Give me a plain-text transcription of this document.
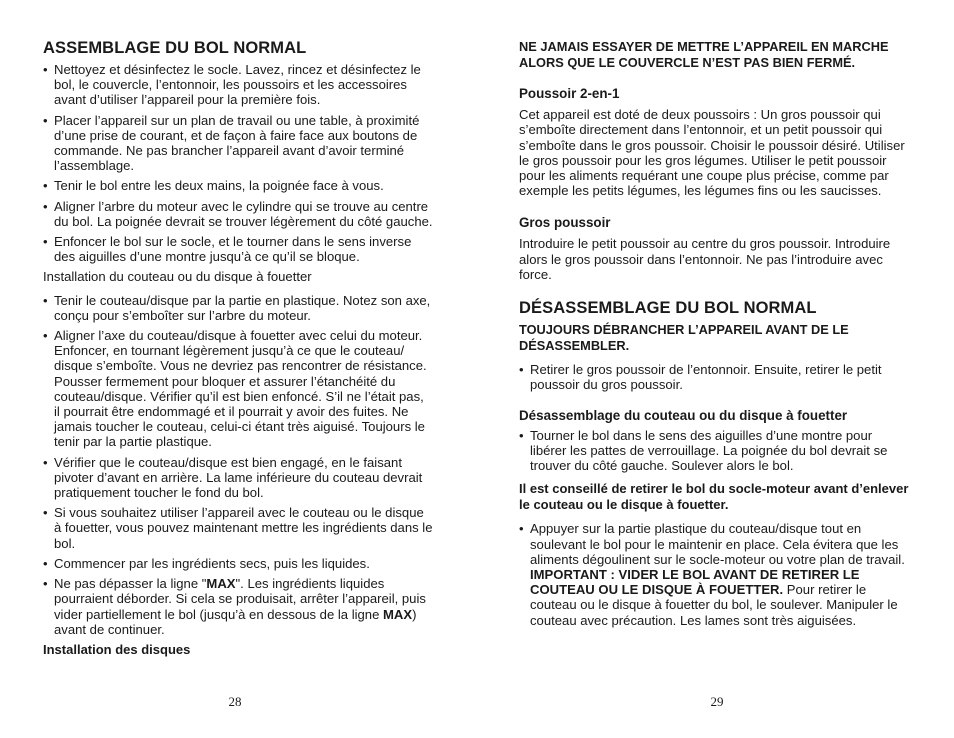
ASSEMBLAGE DU BOL NORMAL
• Nettoyez et désinfectez le socle. Lavez, rincez et désinfectez le bol, le couvercle, l’entonnoir, les poussoirs et les accessoires avant d’utiliser l’appareil pour la première fois.
• Placer l’appareil sur un plan de travail ou une table, à proximité d’une prise de courant, et de façon à faire face aux boutons de commande. Ne pas brancher l’appareil avant d’avoir terminé l’assemblage.
• Tenir le bol entre les deux mains, la poignée face à vous.
• Aligner l’arbre du moteur avec le cylindre qui se trouve au centre du bol. La poignée devrait se trouver légèrement du côté gauche.
• Enfoncer le bol sur le socle, et le tourner dans le sens inverse des aiguilles d’une montre jusqu’à ce qu’il se bloque.
Installation du couteau ou du disque à fouetter
• Tenir le couteau/disque par la partie en plastique. Notez son axe, conçu pour s’emboîter sur l’arbre du moteur.
• Aligner l’axe du couteau/disque à fouetter avec celui du moteur. Enfoncer, en tournant légèrement jusqu’à ce que le couteau/ disque s’emboîte. Vous ne devriez pas rencontrer de résistance. Pousser fermement pour bloquer et assurer l’étanchéité du couteau/disque. Vérifier qu’il est bien enfoncé. S’il ne l’était pas, il pourrait être endommagé et il pourrait y avoir des fuites. Ne jamais toucher le couteau, celui-ci étant très aiguisé. Toujours le tenir par la partie plastique.
• Vérifier que le couteau/disque est bien engagé, en le faisant pivoter d’avant en arrière. La lame inférieure du couteau devrait pratiquement toucher le fond du bol.
• Si vous souhaitez utiliser l’appareil avec le couteau ou le disque à fouetter, vous pouvez maintenant mettre les ingrédients dans le bol.
• Commencer par les ingrédients secs, puis les liquides.
• Ne pas dépasser la ligne "MAX". Les ingrédients liquides pourraient déborder. Si cela se produisait, arrêter l’appareil, puis vider partiellement le bol (jusqu’à en dessous de la ligne MAX) avant de continuer.
Installation des disques
28
NE JAMAIS ESSAYER DE METTRE L’APPAREIL EN MARCHE ALORS QUE LE COUVERCLE N’EST PAS BIEN FERMÉ.
Poussoir 2-en-1
Cet appareil est doté de deux poussoirs : Un gros poussoir qui s’emboîte directement dans l’entonnoir, et un petit poussoir qui s’emboîte dans le gros poussoir. Choisir le poussoir désiré. Utiliser le gros poussoir pour les gros légumes. Utiliser le petit poussoir pour les aliments requérant une coupe plus précise, comme par exemple les petits légumes, les légumes fins ou les saucisses.
Gros poussoir
Introduire le petit poussoir au centre du gros poussoir. Introduire alors le gros poussoir dans l’entonnoir. Ne pas l’introduire avec force.
DÉSASSEMBLAGE DU BOL NORMAL
TOUJOURS DÉBRANCHER L’APPAREIL AVANT DE LE DÉSASSEMBLER.
• Retirer le gros poussoir de l’entonnoir. Ensuite, retirer le petit poussoir du gros poussoir.
Désassemblage du couteau ou du disque à fouetter
• Tourner le bol dans le sens des aiguilles d’une montre pour libérer les pattes de verrouillage. La poignée du bol devrait se trouver du côté gauche. Soulever alors le bol.
Il est conseillé de retirer le bol du socle-moteur avant d’enlever le couteau ou le disque à fouetter.
• Appuyer sur la partie plastique du couteau/disque tout en soulevant le bol pour le maintenir en place. Cela évitera que les aliments dégoulinent sur le socle-moteur ou votre plan de travail. IMPORTANT : VIDER LE BOL AVANT DE RETIRER LE COUTEAU OU LE DISQUE À FOUETTER. Pour retirer le couteau ou le disque à fouetter du bol, le soulever. Manipuler le couteau avec précaution. Les lames sont très aiguisées.
29
